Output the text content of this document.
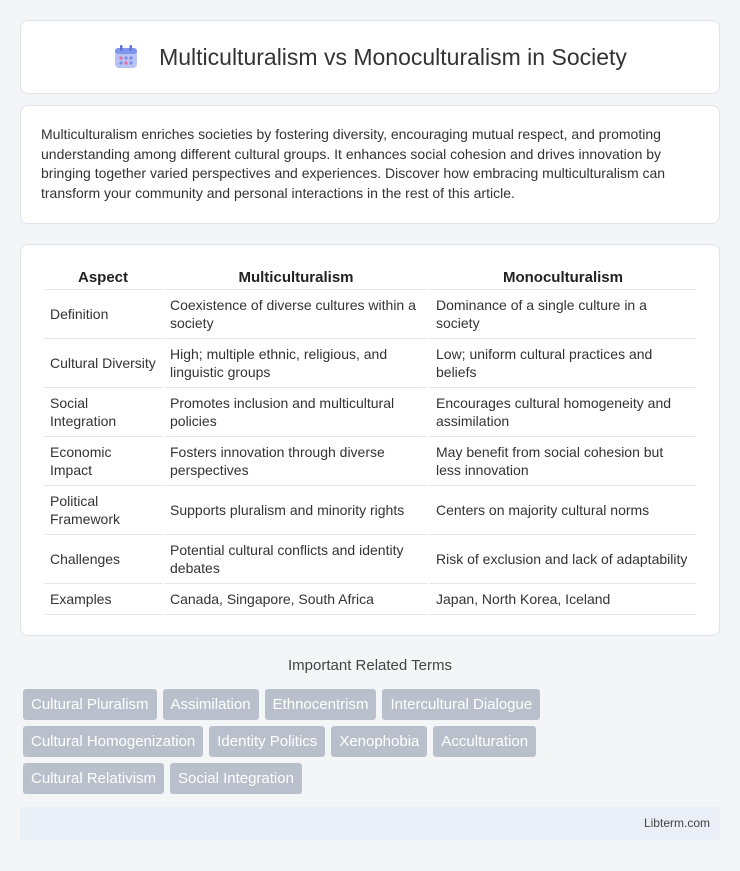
Multiculturalism vs Monoculturalism in Society

Multiculturalism enriches societies by fostering diversity, encouraging mutual respect, and promoting understanding among different cultural groups. It enhances social cohesion and drives innovation by bringing together varied perspectives and experiences. Discover how embracing multiculturalism can transform your community and personal interactions in the rest of this article.

Aspect	Multiculturalism	Monoculturalism
Definition	Coexistence of diverse cultures within a society	Dominance of a single culture in a society
Cultural Diversity	High; multiple ethnic, religious, and linguistic groups	Low; uniform cultural practices and beliefs
Social Integration	Promotes inclusion and multicultural policies	Encourages cultural homogeneity and assimilation
Economic Impact	Fosters innovation through diverse perspectives	May benefit from social cohesion but less innovation
Political Framework	Supports pluralism and minority rights	Centers on majority cultural norms
Challenges	Potential cultural conflicts and identity debates	Risk of exclusion and lack of adaptability
Examples	Canada, Singapore, South Africa	Japan, North Korea, Iceland
Important Related Terms
Cultural Pluralism	Assimilation	Ethnocentrism	Intercultural Dialogue
Cultural Homogenization	Identity Politics	Xenophobia	Acculturation
Cultural Relativism	Social Integration
Libterm.com
